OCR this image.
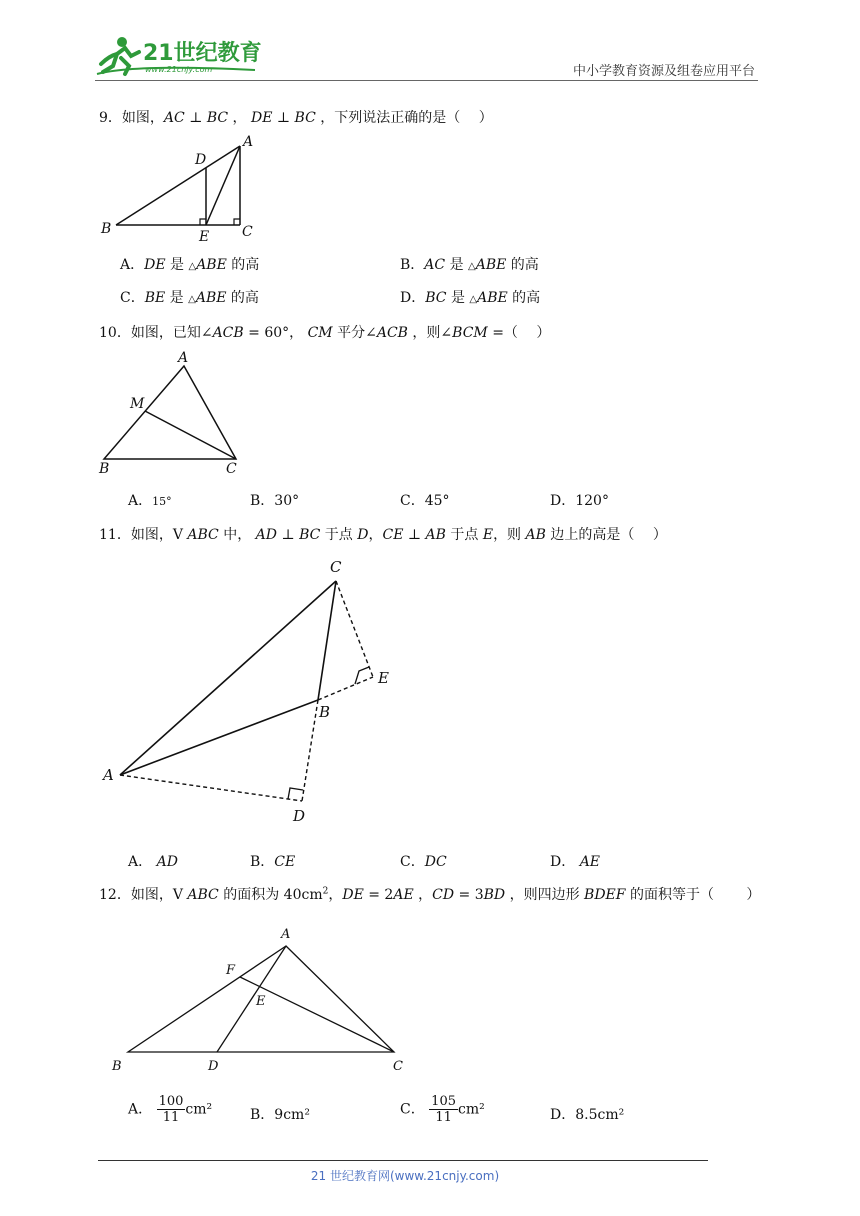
21世纪教育
www.21cnjy.com	中小学教育资源及组卷应用平台
9．如图，AC ⊥ BC ， DE ⊥ BC ，下列说法正确的是（　 ）
A
D
B	E C
A．DE 是 △ABE 的高	B．AC 是 △ABE 的高
C．BE 是 △ABE 的高	D．BC 是 △ABE 的高
10．如图，已知∠ACB = 60°， CM 平分∠ACB ，则∠BCM =（　 ）
A
M
B	C
A．15°	B．30°	C．45°	D．120°
11．如图，V ABC 中， AD ⊥ BC 于点 D，CE ⊥ AB 于点 E，则 AB 边上的高是（　 ）
C
E
B
A
D
A． AD	B．CE	C．DC	D． AE
12．如图，V ABC 的面积为 $40cm^2$，DE = 2AE ，CD = 3BD ，则四边形 BDEF 的面积等于（　 　）
A
F
E
B	D	C
A． $\frac{100}{11} cm^2$	B．9cm²	C． $\frac{105}{11} cm^2$	D．8.5cm²
21 世纪教育网(www.21cnjy.com)
